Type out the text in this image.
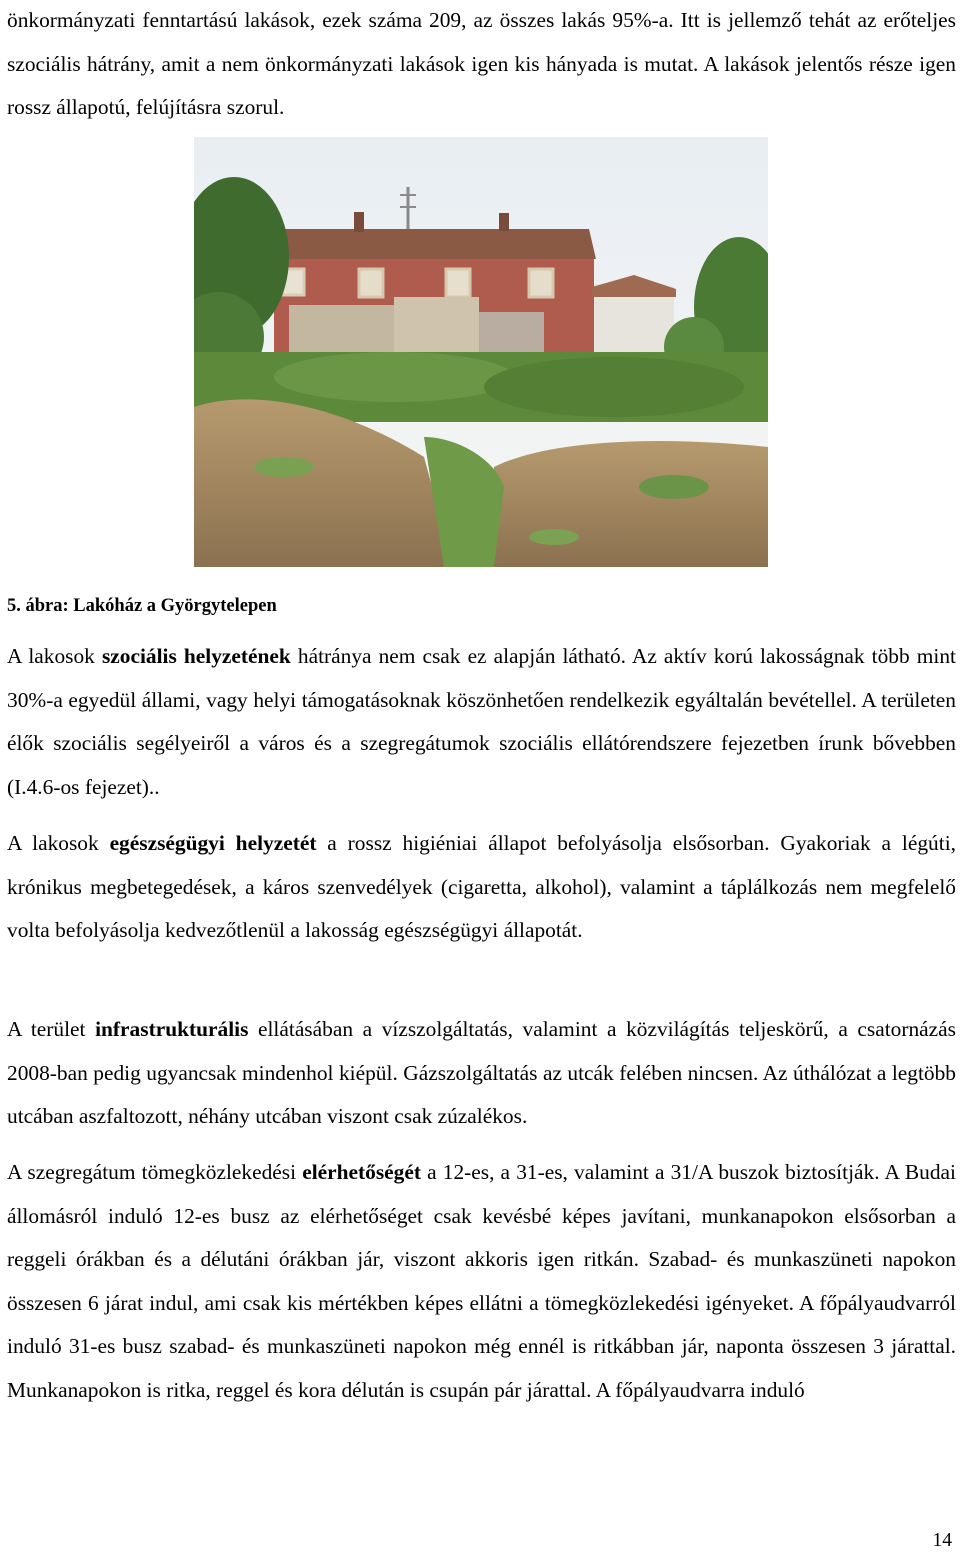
önkormányzati fenntartású lakások, ezek száma 209, az összes lakás 95%-a. Itt is jellemző tehát az erőteljes szociális hátrány, amit a nem önkormányzati lakások igen kis hányada is mutat. A lakások jelentős része igen rossz állapotú, felújításra szorul.

5. ábra: Lakóház a Györgytelepen

A lakosok szociális helyzetének hátránya nem csak ez alapján látható. Az aktív korú lakosságnak több mint 30%-a egyedül állami, vagy helyi támogatásoknak köszönhetően rendelkezik egyáltalán bevétellel. A területen élők szociális segélyeiről a város és a szegregátumok szociális ellátórendszere fejezetben írunk bővebben (I.4.6-os fejezet)..

A lakosok egészségügyi helyzetét a rossz higiéniai állapot befolyásolja elsősorban. Gyakoriak a légúti, krónikus megbetegedések, a káros szenvedélyek (cigaretta, alkohol), valamint a táplálkozás nem megfelelő volta befolyásolja kedvezőtlenül a lakosság egészségügyi állapotát.

A terület infrastrukturális ellátásában a vízszolgáltatás, valamint a közvilágítás teljeskörű, a csatornázás 2008-ban pedig ugyancsak mindenhol kiépül. Gázszolgáltatás az utcák felében nincsen. Az úthálózat a legtöbb utcában aszfaltozott, néhány utcában viszont csak zúzalékos.

A szegregátum tömegközlekedési elérhetőségét a 12-es, a 31-es, valamint a 31/A buszok biztosítják. A Budai állomásról induló 12-es busz az elérhetőséget csak kevésbé képes javítani, munkanapokon elsősorban a reggeli órákban és a délutáni órákban jár, viszont akkoris igen ritkán. Szabad- és munkaszüneti napokon összesen 6 járat indul, ami csak kis mértékben képes ellátni a tömegközlekedési igényeket. A főpályaudvarról induló 31-es busz szabad- és munkaszüneti napokon még ennél is ritkábban jár, naponta összesen 3 járattal. Munkanapokon is ritka, reggel és kora délután is csupán pár járattal. A főpályaudvarra induló

14
